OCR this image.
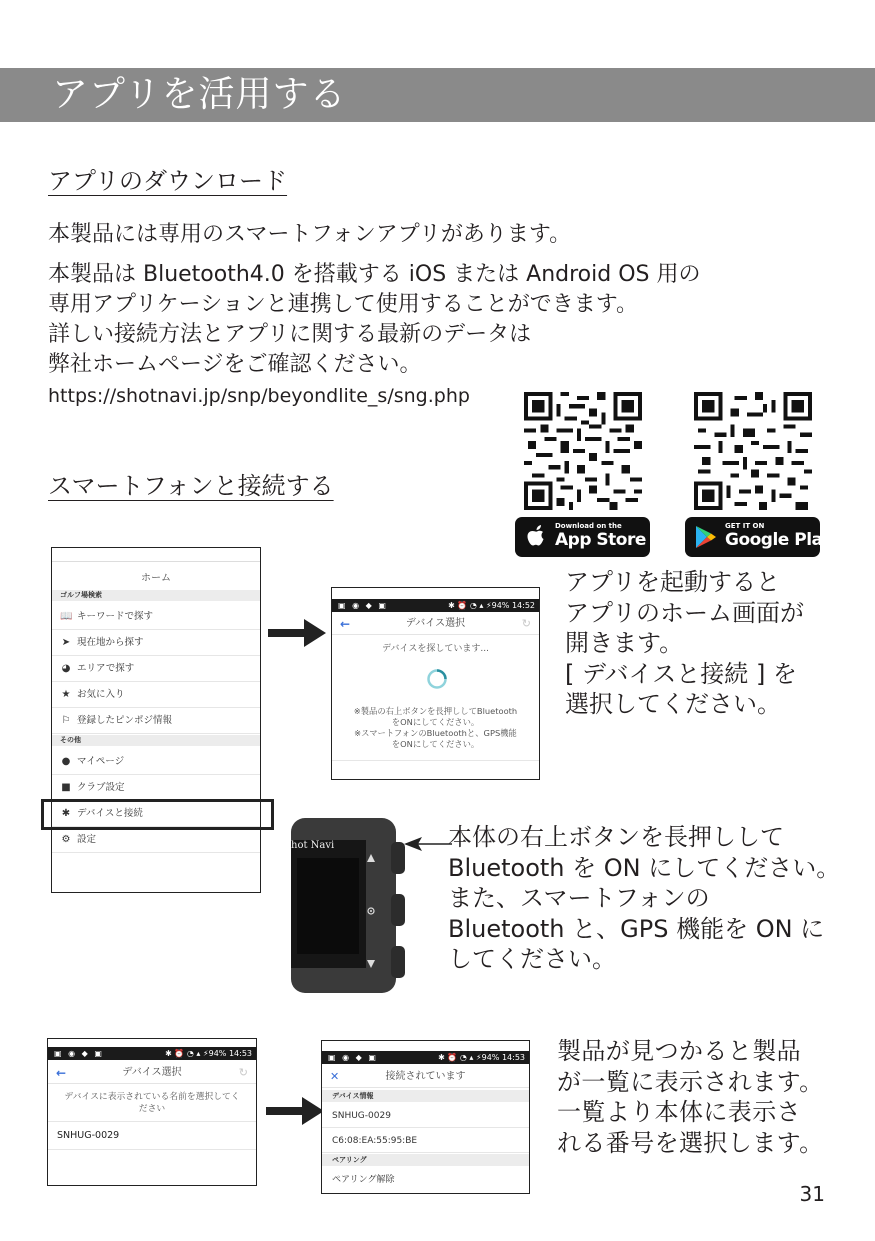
アプリを活用する
アプリのダウンロード
本製品には専用のスマートフォンアプリがあります。
本製品は Bluetooth4.0 を搭載する iOS または Android OS 用の
専用アプリケーションと連携して使用することができます。
詳しい接続方法とアプリに関する最新のデータは
弊社ホームページをご確認ください。
https://shotnavi.jp/snp/beyondlite_s/sng.php
Download on the
App Store
GET IT ON
Google Play
スマートフォンと接続する
ホーム
ゴルフ場検索
📖 キーワードで探す
➤ 現在地から探す
◕ エリアで探す
★ お気に入り
⚐ 登録したピンポジ情報
その他
● マイページ
■ クラブ設定
✱ デバイスと接続
⚙ 設定
▣ ◉ ◆ ▣	✱ ⏰ ◔ ▴ ⚡94% 14:52
←	デバイス選択	↻
デバイスを探しています...
※製品の右上ボタンを長押ししてBluetooth
をONにしてください。
※スマートフォンのBluetoothと、GPS機能
をONにしてください。
アプリを起動すると
アプリのホーム画面が
開きます。
[ デバイスと接続 ] を
選択してください。
hot Navi	本体の右上ボタンを長押しして
Bluetooth を ON にしてください。
また、スマートフォンの
Bluetooth と、GPS 機能を ON に
してください。
▣ ◉ ◆ ▣	✱ ⏰ ◔ ▴ ⚡94% 14:53
←	デバイス選択	↻
デバイスに表示されている名前を選択してく
ださい
SNHUG-0029
▣ ◉ ◆ ▣	✱ ⏰ ◔ ▴ ⚡94% 14:53
✕	接続されています
デバイス情報
SNHUG-0029
C6:08:EA:55:95:BE
ペアリング
ペアリング解除
製品が見つかると製品
が一覧に表示されます。
一覧より本体に表示さ
れる番号を選択します。
31
